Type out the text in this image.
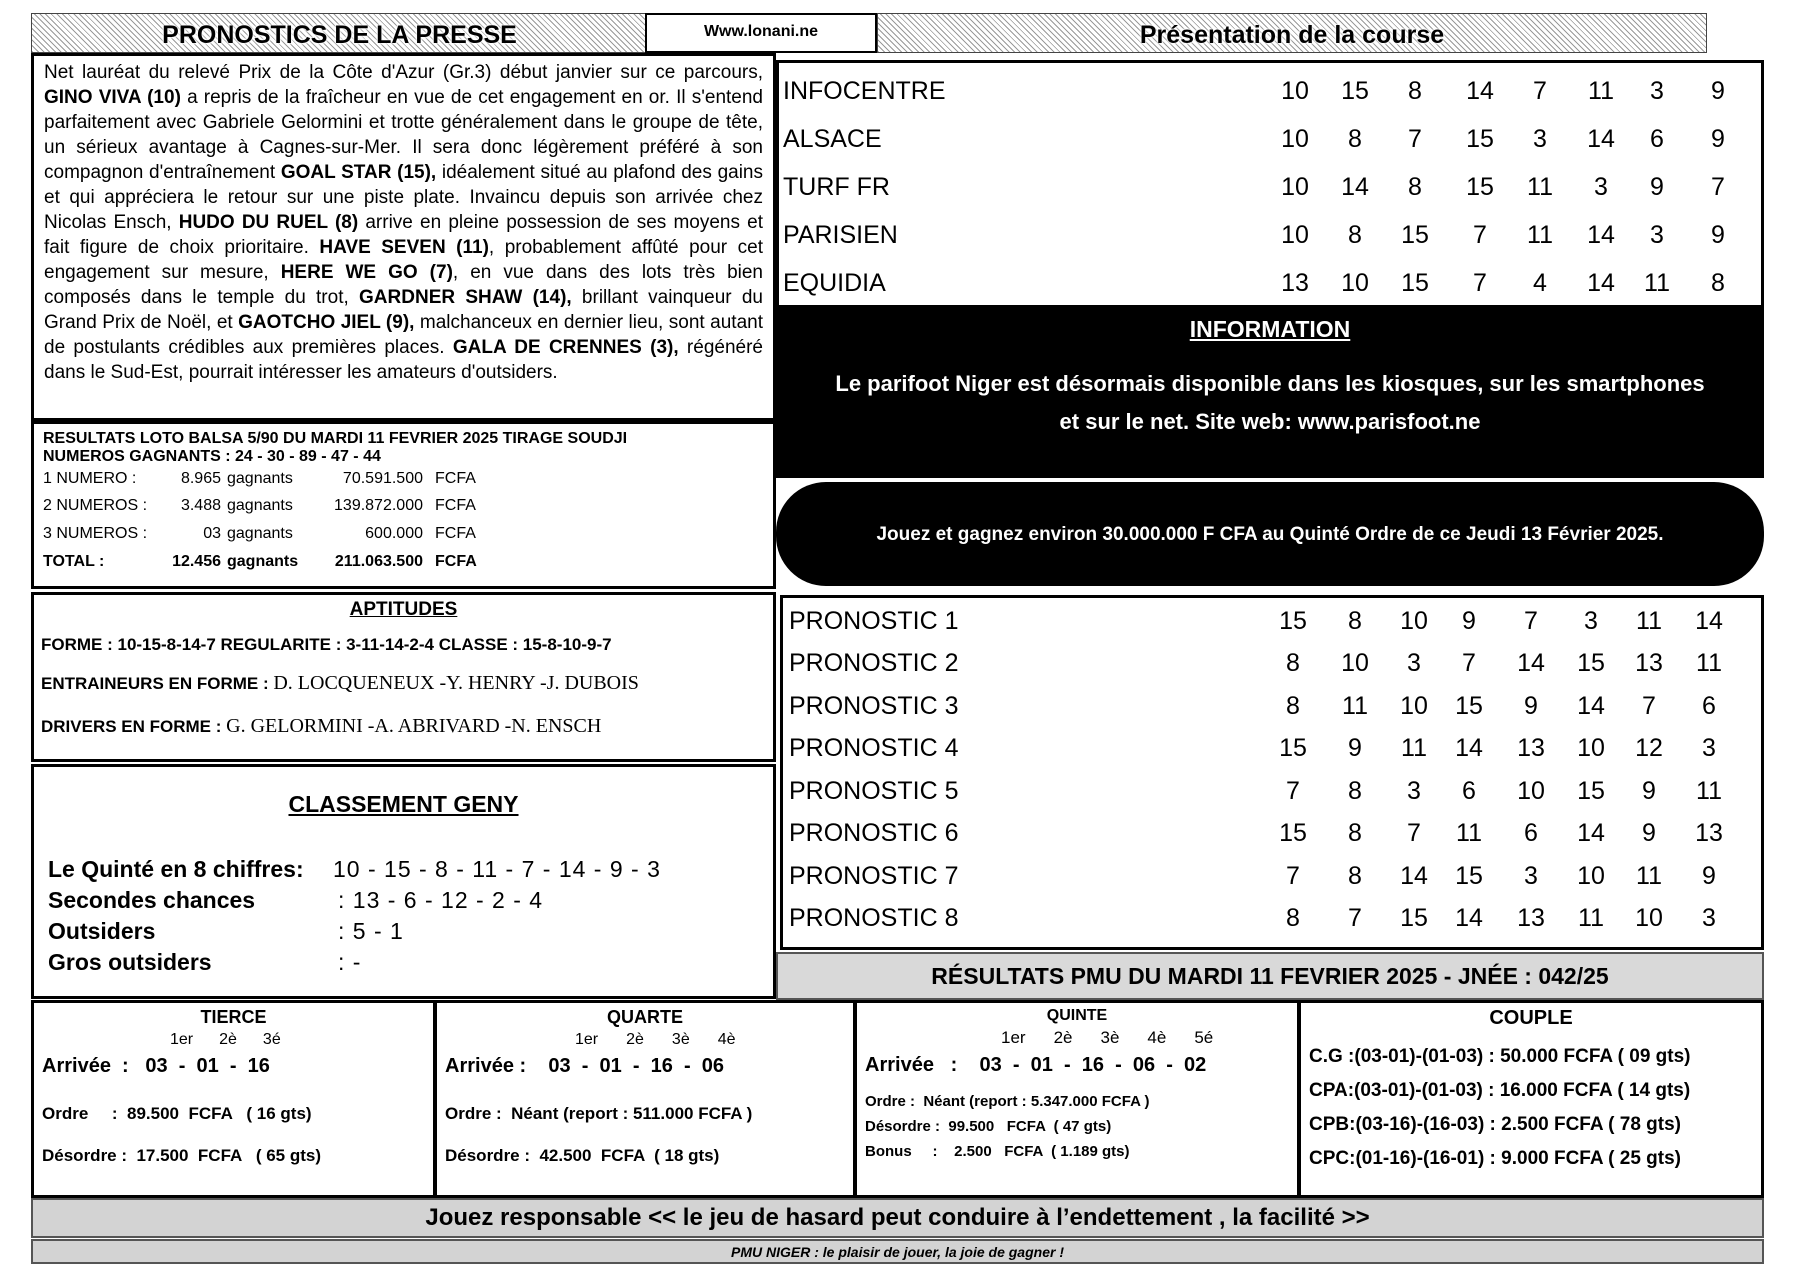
PRONOSTICS DE LA PRESSE	Www.lonani.ne	Présentation de la course
Net lauréat du relevé Prix de la Côte d'Azur (Gr.3) début janvier sur ce parcours, GINO VIVA (10) a repris de la fraîcheur en vue de cet engagement en or. Il s'entend parfaitement avec Gabriele Gelormini et trotte généralement dans le groupe de tête, un sérieux avantage à Cagnes-sur-Mer. Il sera donc légèrement préféré à son compagnon d'entraînement GOAL STAR (15), idéalement situé au plafond des gains et qui appréciera le retour sur une piste plate. Invaincu depuis son arrivée chez Nicolas Ensch, HUDO DU RUEL (8) arrive en pleine possession de ses moyens et fait figure de choix prioritaire. HAVE SEVEN (11), probablement affûté pour cet engagement sur mesure, HERE WE GO (7), en vue dans des lots très bien composés dans le temple du trot, GARDNER SHAW (14), brillant vainqueur du Grand Prix de Noël, et GAOTCHO JIEL (9), malchanceux en dernier lieu, sont autant de postulants crédibles aux premières places. GALA DE CRENNES (3), régénéré dans le Sud-Est, pourrait intéresser les amateurs d'outsiders.
RESULTATS LOTO BALSA 5/90 DU MARDI 11 FEVRIER 2025 TIRAGE SOUDJI
NUMEROS GAGNANTS : 24 - 30 - 89 - 47 - 44
1 NUMERO :	8.965 gagnants	70.591.500 FCFA
2 NUMEROS :	3.488 gagnants	139.872.000 FCFA
3 NUMEROS :	03 gagnants	600.000 FCFA
TOTAL :	12.456 gagnants	211.063.500 FCFA
APTITUDES
FORME : 10-15-8-14-7 REGULARITE : 3-11-14-2-4 CLASSE : 15-8-10-9-7
ENTRAINEURS EN FORME : D. LOCQUENEUX -Y. HENRY -J. DUBOIS
DRIVERS EN FORME : G. GELORMINI -A. ABRIVARD -N. ENSCH
CLASSEMENT GENY
Le Quinté en 8 chiffres:	10 - 15 - 8 - 11 - 7 - 14 - 9 - 3
Secondes chances	: 13 - 6 - 12 - 2 - 4
Outsiders	: 5 - 1
Gros outsiders	: -
INFOCENTRE	10	15	8	14	7	11	3	9
ALSACE	10	8	7	15	3	14	6	9
TURF FR	10	14	8	15	11	3	9	7
PARISIEN	10	8	15	7	11	14	3	9
EQUIDIA	13	10	15	7	4	14	11	8
INFORMATION
Le parifoot Niger est désormais disponible dans les kiosques, sur les smartphones
et sur le net. Site web: www.parisfoot.ne
Jouez et gagnez environ 30.000.000 F CFA au Quinté Ordre de ce Jeudi 13 Février 2025.
PRONOSTIC 1	15	8	10	9	7	3	11	14
PRONOSTIC 2	8	10	3	7	14	15	13	11
PRONOSTIC 3	8	11	10	15	9	14	7	6
PRONOSTIC 4	15	9	11	14	13	10	12	3
PRONOSTIC 5	7	8	3	6	10	15	9	11
PRONOSTIC 6	15	8	7	11	6	14	9	13
PRONOSTIC 7	7	8	14	15	3	10	11	9
PRONOSTIC 8	8	7	15	14	13	11	10	3
RÉSULTATS PMU DU MARDI 11 FEVRIER 2025 - JNÉE : 042/25
TIERCE
1er 2è 3é
Arrivée  :   03  -  01  -  16
Ordre     :  89.500  FCFA   ( 16 gts)
Désordre :  17.500  FCFA   ( 65 gts)
QUARTE
1er 2è 3è 4è
Arrivée :    03  -  01  -  16  -  06
Ordre :  Néant (report : 511.000 FCFA )
Désordre :  42.500  FCFA  ( 18 gts)
QUINTE
1er 2è 3è 4è 5é
Arrivée   :    03  -  01  -  16  -  06  -  02
Ordre :  Néant (report : 5.347.000 FCFA )
Désordre :  99.500   FCFA  ( 47 gts)
Bonus     :    2.500   FCFA  ( 1.189 gts)
COUPLE
C.G :(03-01)-(01-03) : 50.000 FCFA ( 09 gts)
CPA:(03-01)-(01-03) : 16.000 FCFA ( 14 gts)
CPB:(03-16)-(16-03) : 2.500 FCFA ( 78 gts)
CPC:(01-16)-(16-01) : 9.000 FCFA ( 25 gts)
Jouez responsable << le jeu de hasard peut conduire à l’endettement , la facilité >>
PMU NIGER : le plaisir de jouer, la joie de gagner !
